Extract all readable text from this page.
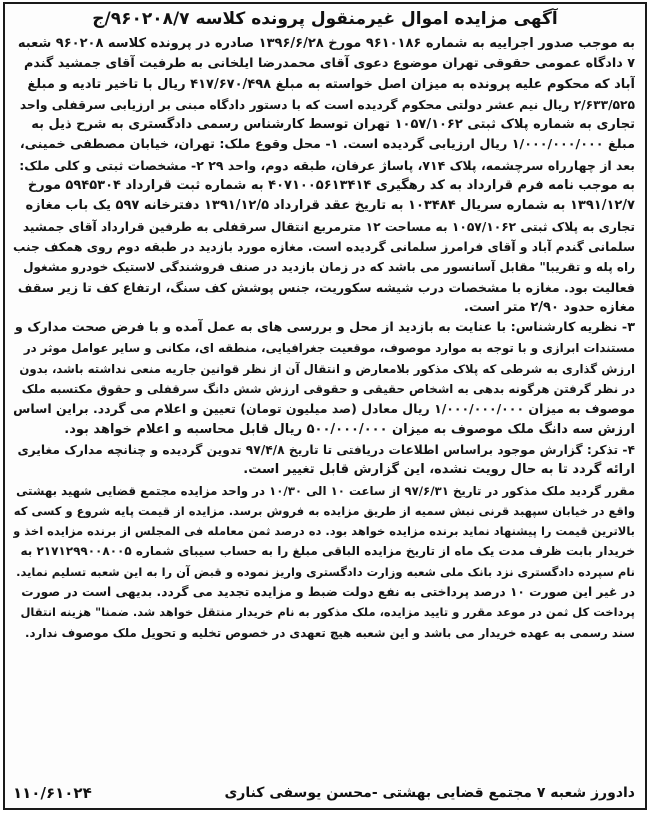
آگهی مزایده اموال غیرمنقول پرونده کلاسه ۹۶۰۲۰۸/۷/ج

به موجب صدور اجراییه به شماره ۹۶۱۰۱۸۶ مورخ ۱۳۹۶/۶/۲۸ صادره در پرونده کلاسه ۹۶۰۲۰۸ شعبه

۷ دادگاه عمومی حقوقی تهران موضوع دعوی آقای محمدرضا ایلخانی به طرفیت آقای جمشید گندم

آباد که محکوم علیه پرونده به میزان اصل خواسته به مبلغ ۴۱۷/۶۷۰/۴۹۸ ریال با تاخیر تادیه و مبلغ

۲/۶۳۳/۵۲۵ ریال نیم عشر دولتی محکوم گردیده است که با دستور دادگاه مبنی بر ارزیابی سرقفلی واحد

تجاری به شماره پلاک ثبتی ۱۰۵۷/۱۰۶۲ تهران توسط کارشناس رسمی دادگستری به شرح ذیل به

مبلغ ۱/۰۰۰/۰۰۰/۰۰۰ ریال ارزیابی گردیده است. ۱- محل وقوع ملک: تهران، خیابان مصطفی خمینی،

بعد از چهارراه سرچشمه، پلاک ۷۱۴، پاساژ عرفان، طبقه دوم، واحد ۲۹ ۲- مشخصات ثبتی و کلی ملک:

به موجب نامه فرم قرارداد به کد رهگیری ۴۰۷۱۰۰۵۶۱۳۴۱۴ به شماره ثبت قرارداد ۵۹۴۵۳۰۴ مورخ

۱۳۹۱/۱۲/۷ به شماره سریال ۱۰۳۴۸۴ به تاریخ عقد قرارداد ۱۳۹۱/۱۲/۵ دفترخانه ۵۹۷ یک باب مغازه

تجاری به پلاک ثبتی ۱۰۵۷/۱۰۶۲ به مساحت ۱۲ مترمربع انتقال سرقفلی به طرفین قرارداد آقای جمشید

سلمانی گندم آباد و آقای فرامرز سلمانی گردیده است. مغازه مورد بازدید در طبقه دوم روی همکف جنب

راه پله و تقریبا" مقابل آسانسور می باشد که در زمان بازدید در صنف فروشندگی لاستیک خودرو مشغول

فعالیت بود. مغازه با مشخصات درب شیشه سکوریت، جنس پوشش کف سنگ، ارتفاع کف تا زیر سقف

مغازه حدود ۲/۹۰ متر است.

۳- نظریه کارشناس: با عنایت به بازدید از محل و بررسی های به عمل آمده و با فرض صحت مدارک و

مستندات ابرازی و با توجه به موارد موصوف، موقعیت جغرافیایی، منطقه ای، مکانی و سایر عوامل موثر در

ارزش گذاری به شرطی که پلاک مذکور بلامعارض و انتقال آن از نظر قوانین جاریه منعی نداشته باشد، بدون

در نظر گرفتن هرگونه بدهی به اشخاص حقیقی و حقوقی ارزش شش دانگ سرقفلی و حقوق مکتسبه ملک

موصوف به میزان ۱/۰۰۰/۰۰۰/۰۰۰ ریال معادل (صد میلیون تومان) تعیین و اعلام می گردد. براین اساس

ارزش سه دانگ ملک موصوف به میزان ۵۰۰/۰۰۰/۰۰۰ ریال قابل محاسبه و اعلام خواهد بود.

۴- تذکر: گزارش موجود براساس اطلاعات دریافتی تا تاریخ ۹۷/۴/۸ تدوین گردیده و چنانچه مدارک مغایری

ارائه گردد تا به حال رویت نشده، این گزارش قابل تغییر است.

مقرر گردید ملک مذکور در تاریخ ۹۷/۶/۳۱ از ساعت ۱۰ الی ۱۰/۳۰ در واحد مزایده مجتمع قضایی شهید بهشتی

واقع در خیابان سپهبد قرنی نبش سمیه از طریق مزایده به فروش برسد. مزایده از قیمت پایه شروع و کسی که

بالاترین قیمت را پیشنهاد نماید برنده مزایده خواهد بود. ده درصد ثمن معامله فی المجلس از برنده مزایده اخذ و

خریدار بابت ظرف مدت یک ماه از تاریخ مزایده الباقی مبلغ را به حساب سیبای شماره ۲۱۷۱۲۹۹۰۰۸۰۰۵ به

نام سپرده دادگستری نزد بانک ملی شعبه وزارت دادگستری واریز نموده و قبض آن را به این شعبه تسلیم نماید.

در غیر این صورت ۱۰ درصد پرداختی به نفع دولت ضبط و مزایده تجدید می گردد. بدیهی است در صورت

پرداخت کل ثمن در موعد مقرر و تایید مزایده، ملک مذکور به نام خریدار منتقل خواهد شد. ضمنا" هزینه انتقال

سند رسمی به عهده خریدار می باشد و این شعبه هیچ تعهدی در خصوص تخلیه و تحویل ملک موصوف ندارد.

دادورز شعبه ۷ مجتمع قضایی بهشتی -محسن یوسفی کناری
۱۱۰/۶۱۰۲۴
